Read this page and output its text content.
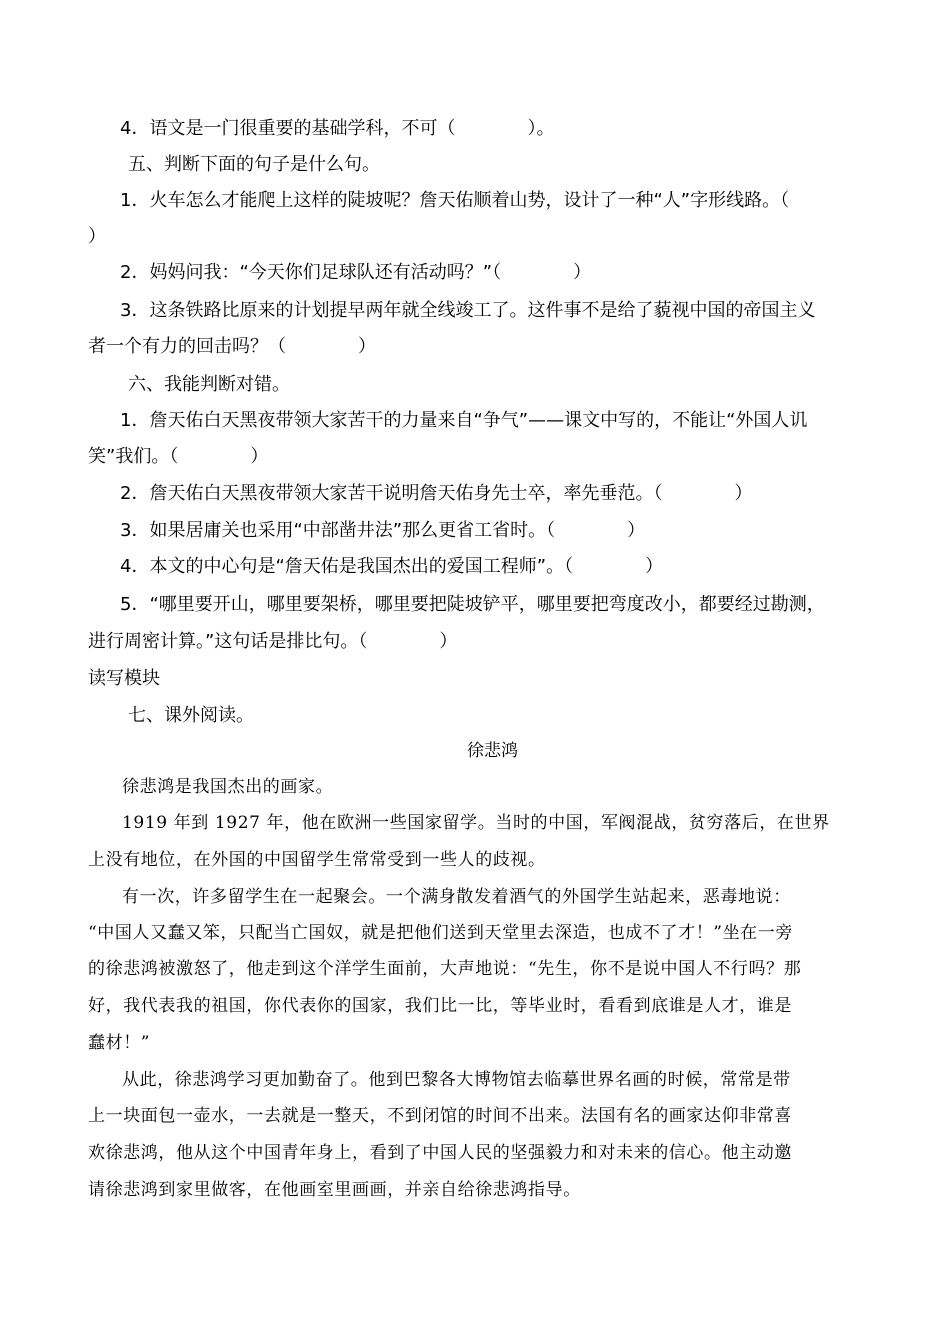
4．语文是一门很重要的基础学科，不可（　　　　）。
五、判断下面的句子是什么句。
1．火车怎么才能爬上这样的陡坡呢？詹天佑顺着山势，设计了一种“人”字形线路。（
）
2．妈妈问我：“今天你们足球队还有活动吗？”（　　　　）
3．这条铁路比原来的计划提早两年就全线竣工了。这件事不是给了藐视中国的帝国主义
者一个有力的回击吗？（　　　　）
六、我能判断对错。
1．詹天佑白天黑夜带领大家苦干的力量来自“争气”——课文中写的，不能让“外国人讥
笑”我们。（　　　　）
2．詹天佑白天黑夜带领大家苦干说明詹天佑身先士卒，率先垂范。（　　　　）
3．如果居庸关也采用“中部凿井法”那么更省工省时。（　　　　）
4．本文的中心句是“詹天佑是我国杰出的爱国工程师”。（　　　　）
5．“哪里要开山，哪里要架桥，哪里要把陡坡铲平，哪里要把弯度改小，都要经过勘测，
进行周密计算。”这句话是排比句。（　　　　）
读写模块
七、课外阅读。
徐悲鸿
徐悲鸿是我国杰出的画家。
1919 年到 1927 年，他在欧洲一些国家留学。当时的中国，军阀混战，贫穷落后，在世界
上没有地位，在外国的中国留学生常常受到一些人的歧视。
有一次，许多留学生在一起聚会。一个满身散发着酒气的外国学生站起来，恶毒地说：
“中国人又蠢又笨，只配当亡国奴，就是把他们送到天堂里去深造，也成不了才！”坐在一旁
的徐悲鸿被激怒了，他走到这个洋学生面前，大声地说：“先生，你不是说中国人不行吗？那
好，我代表我的祖国，你代表你的国家，我们比一比，等毕业时，看看到底谁是人才，谁是
蠢材！”
从此，徐悲鸿学习更加勤奋了。他到巴黎各大博物馆去临摹世界名画的时候，常常是带
上一块面包一壶水，一去就是一整天，不到闭馆的时间不出来。法国有名的画家达仰非常喜
欢徐悲鸿，他从这个中国青年身上，看到了中国人民的坚强毅力和对未来的信心。他主动邀
请徐悲鸿到家里做客，在他画室里画画，并亲自给徐悲鸿指导。
